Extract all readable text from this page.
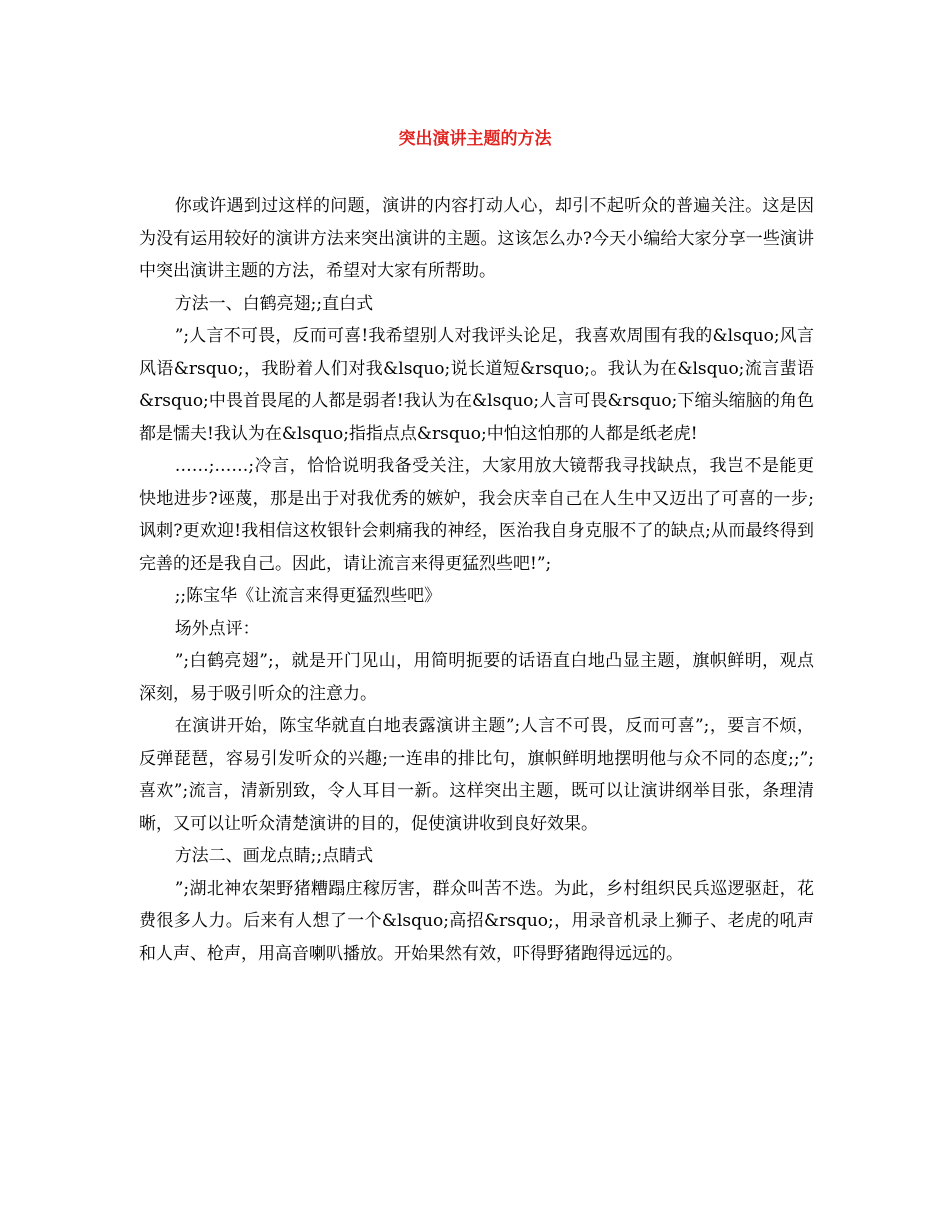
突出演讲主题的方法

你或许遇到过这样的问题，演讲的内容打动人心，却引不起听众的普遍关注。这是因为没有运用较好的演讲方法来突出演讲的主题。这该怎么办?今天小编给大家分享一些演讲中突出演讲主题的方法，希望对大家有所帮助。

方法一、白鹤亮翅;;直白式

”;人言不可畏，反而可喜!我希望别人对我评头论足，我喜欢周围有我的&lsquo;风言风语&rsquo;，我盼着人们对我&lsquo;说长道短&rsquo;。我认为在&lsquo;流言蜚语&rsquo;中畏首畏尾的人都是弱者!我认为在&lsquo;人言可畏&rsquo;下缩头缩脑的角色都是懦夫!我认为在&lsquo;指指点点&rsquo;中怕这怕那的人都是纸老虎!

……;……;冷言，恰恰说明我备受关注，大家用放大镜帮我寻找缺点，我岂不是能更快地进步?诬蔑，那是出于对我优秀的嫉妒，我会庆幸自己在人生中又迈出了可喜的一步;讽刺?更欢迎!我相信这枚银针会刺痛我的神经，医治我自身克服不了的缺点;从而最终得到完善的还是我自己。因此，请让流言来得更猛烈些吧!”;

;;陈宝华《让流言来得更猛烈些吧》

场外点评：

”;白鹤亮翅”;，就是开门见山，用简明扼要的话语直白地凸显主题，旗帜鲜明，观点深刻，易于吸引听众的注意力。

在演讲开始，陈宝华就直白地表露演讲主题”;人言不可畏，反而可喜”;，要言不烦，反弹琵琶，容易引发听众的兴趣;一连串的排比句，旗帜鲜明地摆明他与众不同的态度;;”;喜欢”;流言，清新别致，令人耳目一新。这样突出主题，既可以让演讲纲举目张，条理清晰，又可以让听众清楚演讲的目的，促使演讲收到良好效果。

方法二、画龙点睛;;点睛式

”;湖北神农架野猪糟蹋庄稼厉害，群众叫苦不迭。为此，乡村组织民兵巡逻驱赶，花费很多人力。后来有人想了一个&lsquo;高招&rsquo;，用录音机录上狮子、老虎的吼声和人声、枪声，用高音喇叭播放。开始果然有效，吓得野猪跑得远远的。
